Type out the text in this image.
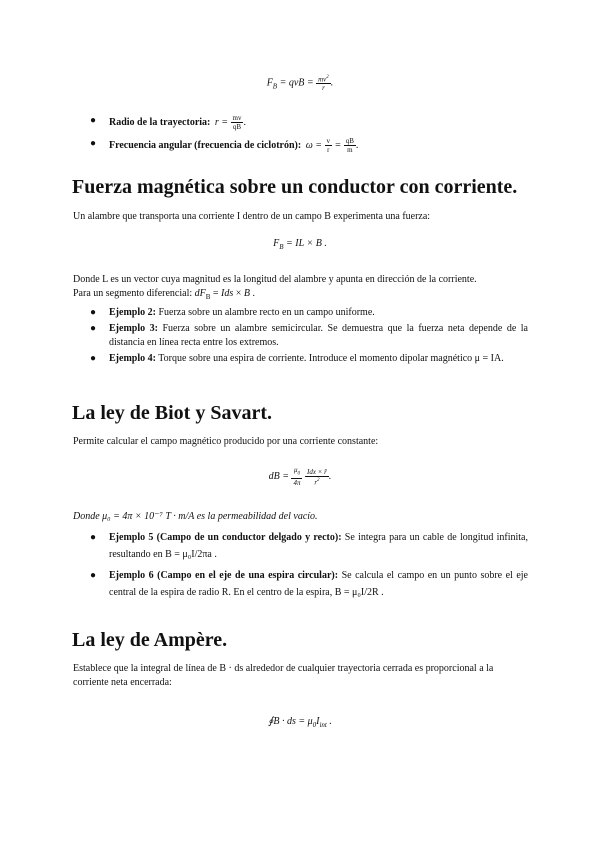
$F_B$ = qvB = $\frac{mv^2}{r}$ .
● Radio de la trayectoria: $r = \frac{mv}{qB}$ .
● Frecuencia angular (frecuencia de ciclotrón): $\omega = \frac{v}{r} = \frac{qB}{m}$ .
Fuerza magnética sobre un conductor con corriente.
Un alambre que transporta una corriente I dentro de un campo B experimenta una fuerza:
$F_B$ = IL × B .
Donde L es un vector cuya magnitud es la longitud del alambre y apunta en dirección de la corriente.
Para un segmento diferencial: $dF_B$ = Ids × B .
● Ejemplo 2: Fuerza sobre un alambre recto en un campo uniforme.
● Ejemplo 3: Fuerza sobre un alambre semicircular. Se demuestra que la fuerza neta depende de la distancia en línea recta entre los extremos.
● Ejemplo 4: Torque sobre una espira de corriente. Introduce el momento dipolar magnético μ = IA.
La ley de Biot y Savart.
Permite calcular el campo magnético producido por una corriente constante:
dB = $\frac{\mu_0}{4\pi}$
$\frac{\text{Idx × r̂}}{r^2}$ .
Donde μ₀ = 4π × 10⁻⁷ T · m/A es la permeabilidad del vacío.
● Ejemplo 5 (Campo de un conductor delgado y recto): Se integra para un cable de longitud infinita, resultando en B = μ₀I/2πa .
● Ejemplo 6 (Campo en el eje de una espira circular): Se calcula el campo en un punto sobre el eje central de la espira de radio R. En el centro de la espira, B = μ₀I/2R .
La ley de Ampère.
Establece que la integral de línea de B · ds alrededor de cualquier trayectoria cerrada es proporcional a la corriente neta encerrada:
∮B · ds = $\mu_0I_{int}$ .
